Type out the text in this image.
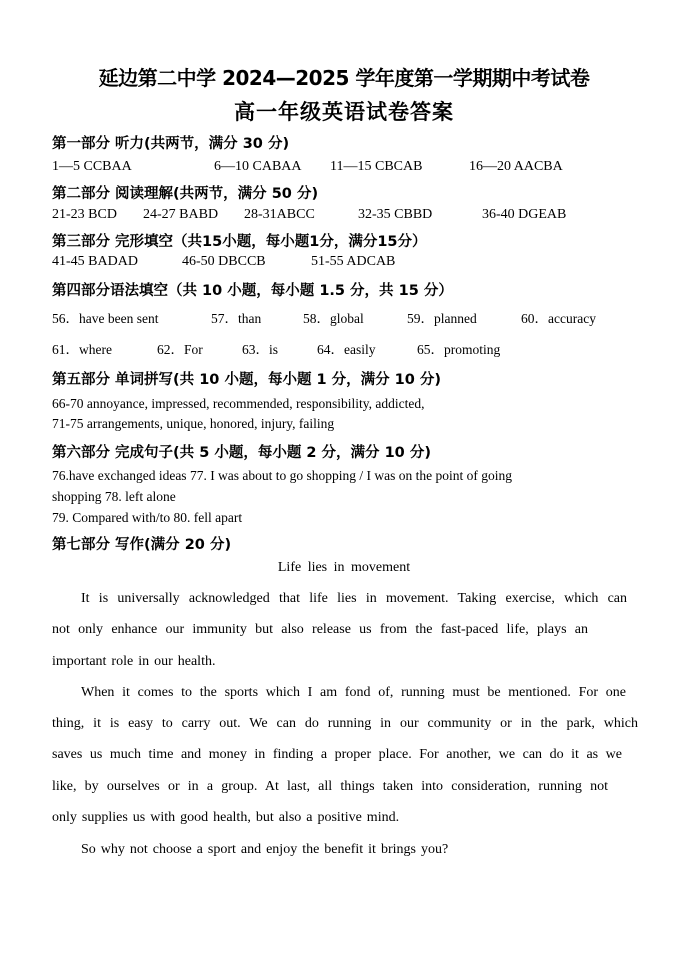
延边第二中学 2024—2025 学年度第一学期期中考试卷
高一年级英语试卷答案
第一部分 听力(共两节，满分 30 分)
1—5 CCBAA	6—10 CABAA 11—15 CBCAB	16—20 AACBA
第二部分 阅读理解(共两节，满分 50 分)
21-23 BCD 24-27 BABD 28-31ABCC	32-35 CBBD	36-40 DGEAB
第三部分 完形填空（共15小题，每小题1分，满分15分）
41-45 BADAD	46-50 DBCCB	51-55 ADCAB
第四部分语法填空（共 10 小题，每小题 1.5 分，共 15 分）
56．have been sent	57．than	58．global	59．planned	60．accuracy
61．where	62．For	63．is	64．easily	65．promoting
第五部分 单词拼写(共 10 小题，每小题 1 分，满分 10 分)
66-70 annoyance, impressed, recommended, responsibility, addicted,
71-75 arrangements, unique, honored, injury, failing
第六部分 完成句子(共 5 小题，每小题 2 分，满分 10 分)
76.have exchanged ideas 77. I was about to go shopping / I was on the point of going
shopping 78. left alone
79. Compared with/to 80. fell apart
第七部分 写作(满分 20 分)
Life lies in movement
It is universally acknowledged that life lies in movement. Taking exercise, which can
not only enhance our immunity but also release us from the fast-paced life, plays an
important role in our health.
When it comes to the sports which I am fond of, running must be mentioned. For one
thing, it is easy to carry out. We can do running in our community or in the park, which
saves us much time and money in finding a proper place. For another, we can do it as we
like, by ourselves or in a group. At last, all things taken into consideration, running not
only supplies us with good health, but also a positive mind.
So why not choose a sport and enjoy the benefit it brings you?
